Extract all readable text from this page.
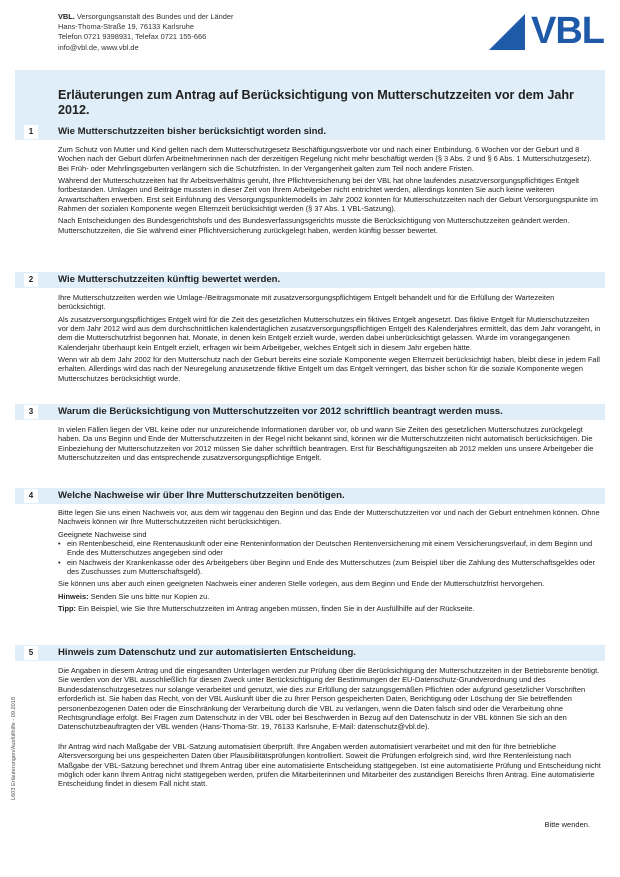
VBL. Versorgungsanstalt des Bundes und der Länder
Hans-Thoma-Straße 19, 76133 Karlsruhe
Telefon 0721 9398931, Telefax 0721 155-666
info@vbl.de, www.vbl.de	VBL
Erläuterungen zum Antrag auf Berücksichtigung von Mutterschutzzeiten vor dem Jahr 2012.
1	Wie Mutterschutzzeiten bisher berücksichtigt worden sind.

Zum Schutz von Mutter und Kind gelten nach dem Mutterschutzgesetz Beschäftigungsverbote vor und nach einer Entbindung. 6 Wochen vor der Geburt und 8 Wochen nach der Geburt dürfen Arbeitnehmerinnen nach der derzeitigen Regelung nicht mehr beschäftigt werden (§ 3 Abs. 2 und § 6 Abs. 1 Mutterschutzgesetz). Bei Früh- oder Mehrlingsgeburten verlängern sich die Schutzfristen. In der Vergangenheit galten zum Teil noch andere Fristen.

Während der Mutterschutzzeiten hat Ihr Arbeitsverhältnis geruht, Ihre Pflichtversicherung bei der VBL hat ohne laufendes zusatzversorgungspflichtiges Entgelt fortbestanden. Umlagen und Beiträge mussten in dieser Zeit von Ihrem Arbeitgeber nicht entrichtet werden, allerdings konnten Sie auch keine weiteren Anwartschaften erwerben. Erst seit Einführung des Versorgungspunktemodells im Jahr 2002 konnten für Mutterschutzzeiten nach der Geburt Versorgungspunkte im Rahmen der sozialen Komponente wegen Elternzeit berücksichtigt werden (§ 37 Abs. 1 VBL-Satzung).

Nach Entscheidungen des Bundesgerichtshofs und des Bundesverfassungsgerichts musste die Berücksichtigung von Mutterschutzzeiten geändert werden. Mutterschutzzeiten, die Sie während einer Pflichtversicherung zurückgelegt haben, werden künftig besser bewertet.

2	Wie Mutterschutzzeiten künftig bewertet werden.

Ihre Mutterschutzzeiten werden wie Umlage-/Beitragsmonate mit zusatzversorgungspflichtigem Entgelt behandelt und für die Erfüllung der Wartezeiten berücksichtigt.

Als zusatzversorgungspflichtiges Entgelt wird für die Zeit des gesetzlichen Mutterschutzes ein fiktives Entgelt angesetzt. Das fiktive Entgelt für Mutterschutzzeiten vor dem Jahr 2012 wird aus dem durchschnittlichen kalendertäglichen zusatzversorgungspflichtigen Entgelt des Kalenderjahres ermittelt, das dem Jahr vorangeht, in dem die Mutterschutzfrist begonnen hat. Monate, in denen kein Entgelt erzielt wurde, werden dabei unberücksichtigt gelassen. Wurde im vorangegangenen Kalenderjahr überhaupt kein Entgelt erzielt, erfragen wir beim Arbeitgeber, welches Entgelt sich in diesem Jahr ergeben hätte.

Wenn wir ab dem Jahr 2002 für den Mutterschutz nach der Geburt bereits eine soziale Komponente wegen Elternzeit berücksichtigt haben, bleibt diese in jedem Fall erhalten. Allerdings wird das nach der Neuregelung anzusetzende fiktive Entgelt um das Entgelt verringert, das bisher schon für die soziale Komponente wegen Mutterschutzes berücksichtigt wurde.

3	Warum die Berücksichtigung von Mutterschutzzeiten vor 2012 schriftlich beantragt werden muss.

In vielen Fällen liegen der VBL keine oder nur unzureichende Informationen darüber vor, ob und wann Sie Zeiten des gesetzlichen Mutterschutzes zurückgelegt haben. Da uns Beginn und Ende der Mutterschutzzeiten in der Regel nicht bekannt sind, können wir die Mutterschutzzeiten nicht automatisch berücksichtigen. Die Einbeziehung der Mutterschutzzeiten vor 2012 müssen Sie daher schriftlich beantragen. Erst für Beschäftigungszeiten ab 2012 melden uns unsere Arbeitgeber die Mutterschutzzeiten und das entsprechende zusatzversorgungspflichtige Entgelt.

4	Welche Nachweise wir über Ihre Mutterschutzzeiten benötigen.

Bitte legen Sie uns einen Nachweis vor, aus dem wir taggenau den Beginn und das Ende der Mutterschutzzeiten vor und nach der Geburt entnehmen können. Ohne Nachweis können wir Ihre Mutterschutzzeiten nicht berücksichtigen.

Geeignete Nachweise sind
• ein Rentenbescheid, eine Rentenauskunft oder eine Renteninformation der Deutschen Rentenversicherung mit einem Versicherungsverlauf, in dem Beginn und Ende des Mutterschutzes angegeben sind oder
• ein Nachweis der Krankenkasse oder des Arbeitgebers über Beginn und Ende des Mutterschutzes (zum Beispiel über die Zahlung des Mutterschaftsgeldes oder des Zuschusses zum Mutterschaftsgeld).

Sie können uns aber auch einen geeigneten Nachweis einer anderen Stelle vorlegen, aus dem Beginn und Ende der Mutterschutzfrist hervorgehen.

Hinweis: Senden Sie uns bitte nur Kopien zu.

Tipp: Ein Beispiel, wie Sie Ihre Mutterschutzzeiten im Antrag angeben müssen, finden Sie in der Ausfüllhilfe auf der Rückseite.

5	Hinweis zum Datenschutz und zur automatisierten Entscheidung.

Die Angaben in diesem Antrag und die eingesandten Unterlagen werden zur Prüfung über die Berücksichtigung der Mutterschutzzeiten in der Betriebsrente benötigt. Sie werden von der VBL ausschließlich für diesen Zweck unter Berücksichtigung der Bestimmungen der EU-Datenschutz-Grundverordnung und des Bundesdatenschutzgesetzes nur solange verarbeitet und genutzt, wie dies zur Erfüllung der satzungsgemäßen Pflichten oder aufgrund gesetzlicher Vorschriften erforderlich ist. Sie haben das Recht, von der VBL Auskunft über die zu Ihrer Person gespeicherten Daten, Berichtigung oder Löschung der Sie betreffenden personenbezogenen Daten oder die Einschränkung der Verarbeitung durch die VBL zu verlangen, wenn die Daten falsch sind oder die Verarbeitung ohne Rechtsgrundlage erfolgt. Bei Fragen zum Datenschutz in der VBL oder bei Beschwerden in Bezug auf den Datenschutz in der VBL können Sie sich an den Datenschutzbeauftragten der VBL wenden (Hans-Thoma-Str. 19, 76133 Karlsruhe, E-Mail: datenschutz@vbl.de).

Ihr Antrag wird nach Maßgabe der VBL-Satzung automatisiert überprüft. Ihre Angaben werden automatisiert verarbeitet und mit den für Ihre betriebliche Altersversorgung bei uns gespeicherten Daten über Plausibilitätsprüfungen kontrolliert. Soweit die Prüfungen erfolgreich sind, wird Ihre Rentenleistung nach Maßgabe der VBL-Satzung berechnet und Ihrem Antrag über eine automatisierte Entscheidung stattgegeben. Ist eine automatisierte Prüfung und Entscheidung nicht möglich oder kann Ihrem Antrag nicht stattgegeben werden, prüfen die Mitarbeiterinnen und Mitarbeiter des zuständigen Bereichs Ihren Antrag. Eine automatisierte Entscheidung findet in diesem Fall nicht statt.

L603 Erläuterungen/Ausfüllhilfe - 09.2018
Bitte wenden.
